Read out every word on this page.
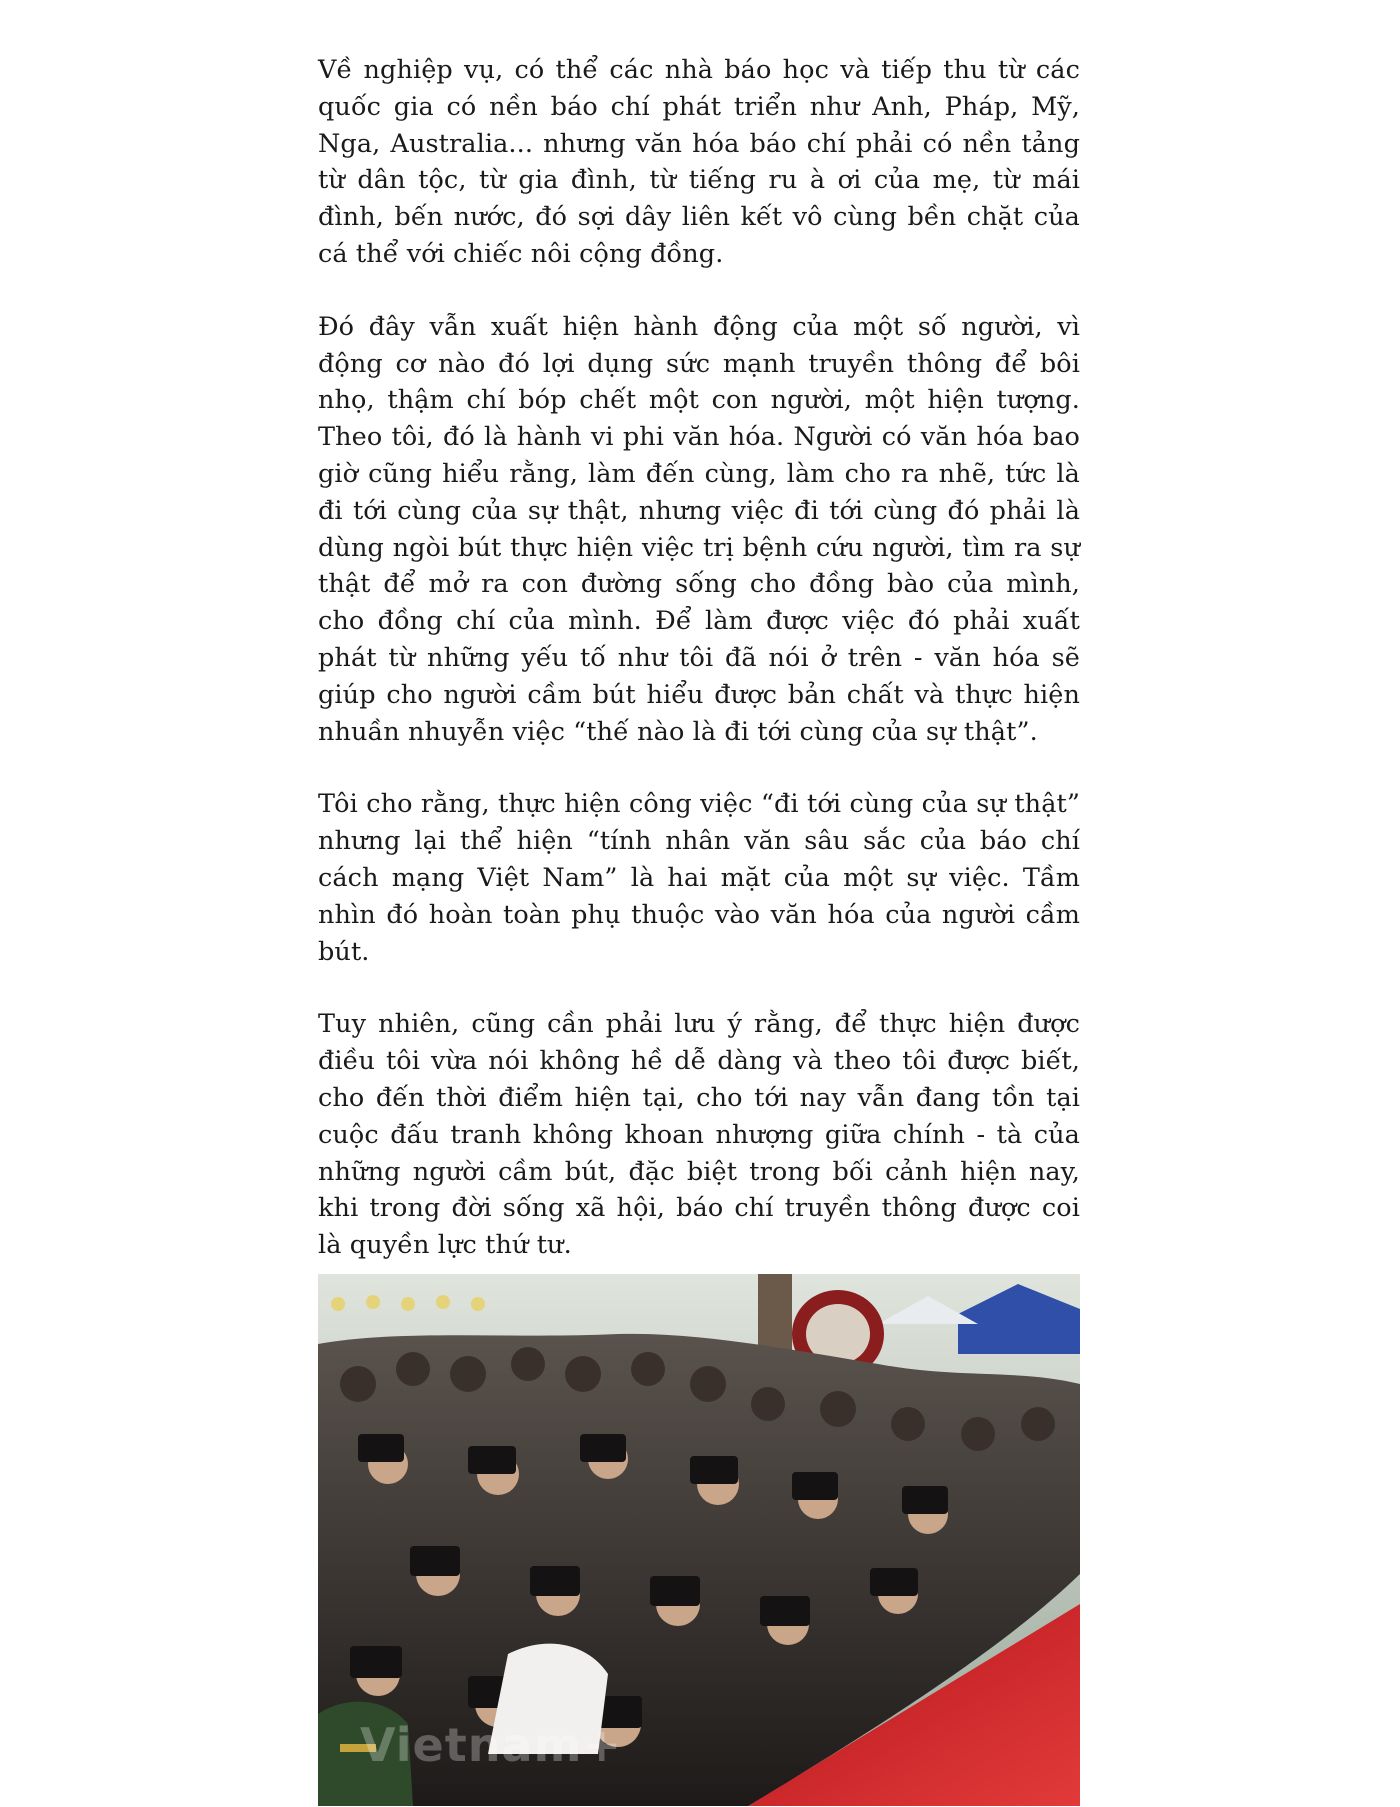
Về nghiệp vụ, có thể các nhà báo học và tiếp thu từ các quốc gia có nền báo chí phát triển như Anh, Pháp, Mỹ, Nga, Australia... nhưng văn hóa báo chí phải có nền tảng từ dân tộc, từ gia đình, từ tiếng ru à ơi của mẹ, từ mái đình, bến nước, đó sợi dây liên kết vô cùng bền chặt của cá thể với chiếc nôi cộng đồng.

Đó đây vẫn xuất hiện hành động của một số người, vì động cơ nào đó lợi dụng sức mạnh truyền thông để bôi nhọ, thậm chí bóp chết một con người, một hiện tượng. Theo tôi, đó là hành vi phi văn hóa. Người có văn hóa bao giờ cũng hiểu rằng, làm đến cùng, làm cho ra nhẽ, tức là đi tới cùng của sự thật, nhưng việc đi tới cùng đó phải là dùng ngòi bút thực hiện việc trị bệnh cứu người, tìm ra sự thật để mở ra con đường sống cho đồng bào của mình, cho đồng chí của mình. Để làm được việc đó phải xuất phát từ những yếu tố như tôi đã nói ở trên - văn hóa sẽ giúp cho người cầm bút hiểu được bản chất và thực hiện nhuần nhuyễn việc “thế nào là đi tới cùng của sự thật”.

Tôi cho rằng, thực hiện công việc “đi tới cùng của sự thật” nhưng lại thể hiện “tính nhân văn sâu sắc của báo chí cách mạng Việt Nam” là hai mặt của một sự việc. Tầm nhìn đó hoàn toàn phụ thuộc vào văn hóa của người cầm bút.

Tuy nhiên, cũng cần phải lưu ý rằng, để thực hiện được điều tôi vừa nói không hề dễ dàng và theo tôi được biết, cho đến thời điểm hiện tại, cho tới nay vẫn đang tồn tại cuộc đấu tranh không khoan nhượng giữa chính - tà của những người cầm bút, đặc biệt trong bối cảnh hiện nay, khi trong đời sống xã hội, báo chí truyền thông được coi là quyền lực thứ tư.

Vietnam+
